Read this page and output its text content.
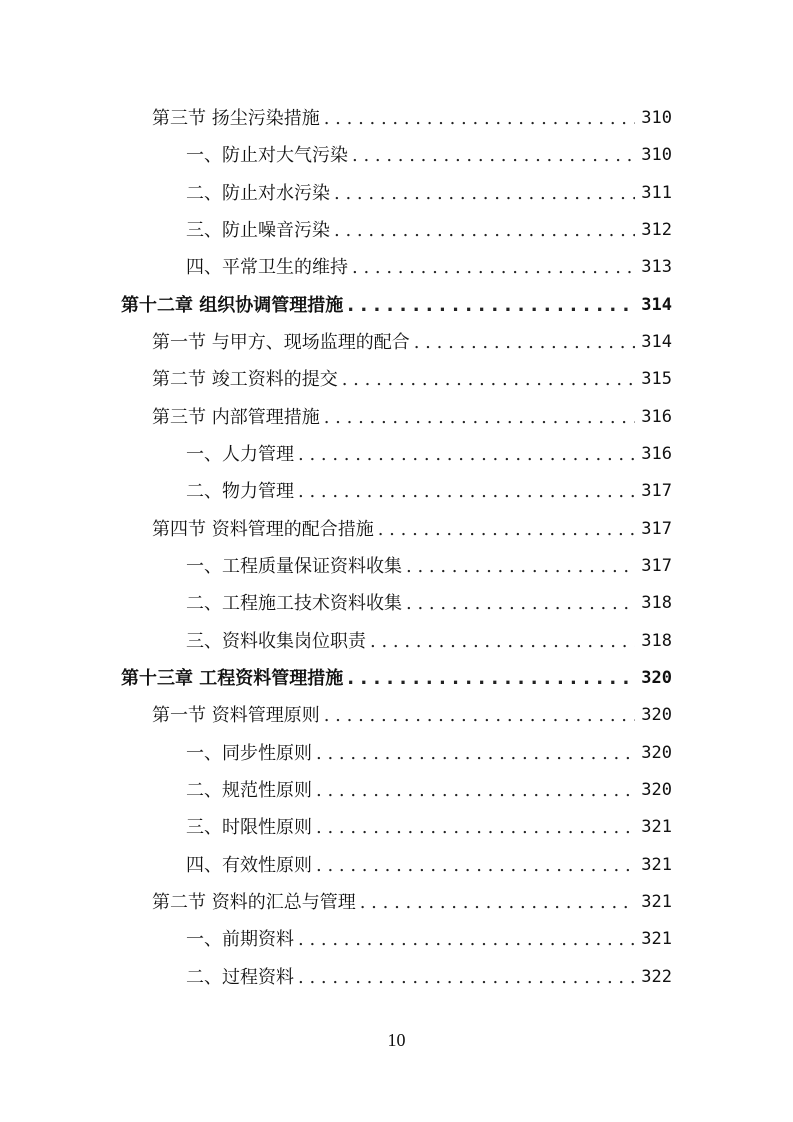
第三节 扬尘污染措施 . . .	310
一、防止对大气污染 . . .	310
二、防止对水污染 . . .	311
三、防止噪音污染 . . .	312
四、平常卫生的维持 . . .	313
第十二章 组织协调管理措施 . . .	314
第一节 与甲方、现场监理的配合 . . .	314
第二节 竣工资料的提交 . . .	315
第三节 内部管理措施 . . .	316
一、人力管理 . . .	316
二、物力管理 . . .	317
第四节 资料管理的配合措施 . . .	317
一、工程质量保证资料收集 . . .	317
二、工程施工技术资料收集 . . .	318
三、资料收集岗位职责 . . .	318
第十三章 工程资料管理措施 . . .	320
第一节 资料管理原则 . . .	320
一、同步性原则 . . .	320
二、规范性原则 . . .	320
三、时限性原则 . . .	321
四、有效性原则 . . .	321
第二节 资料的汇总与管理 . . .	321
一、前期资料 . . .	321
二、过程资料 . . .	322
10
